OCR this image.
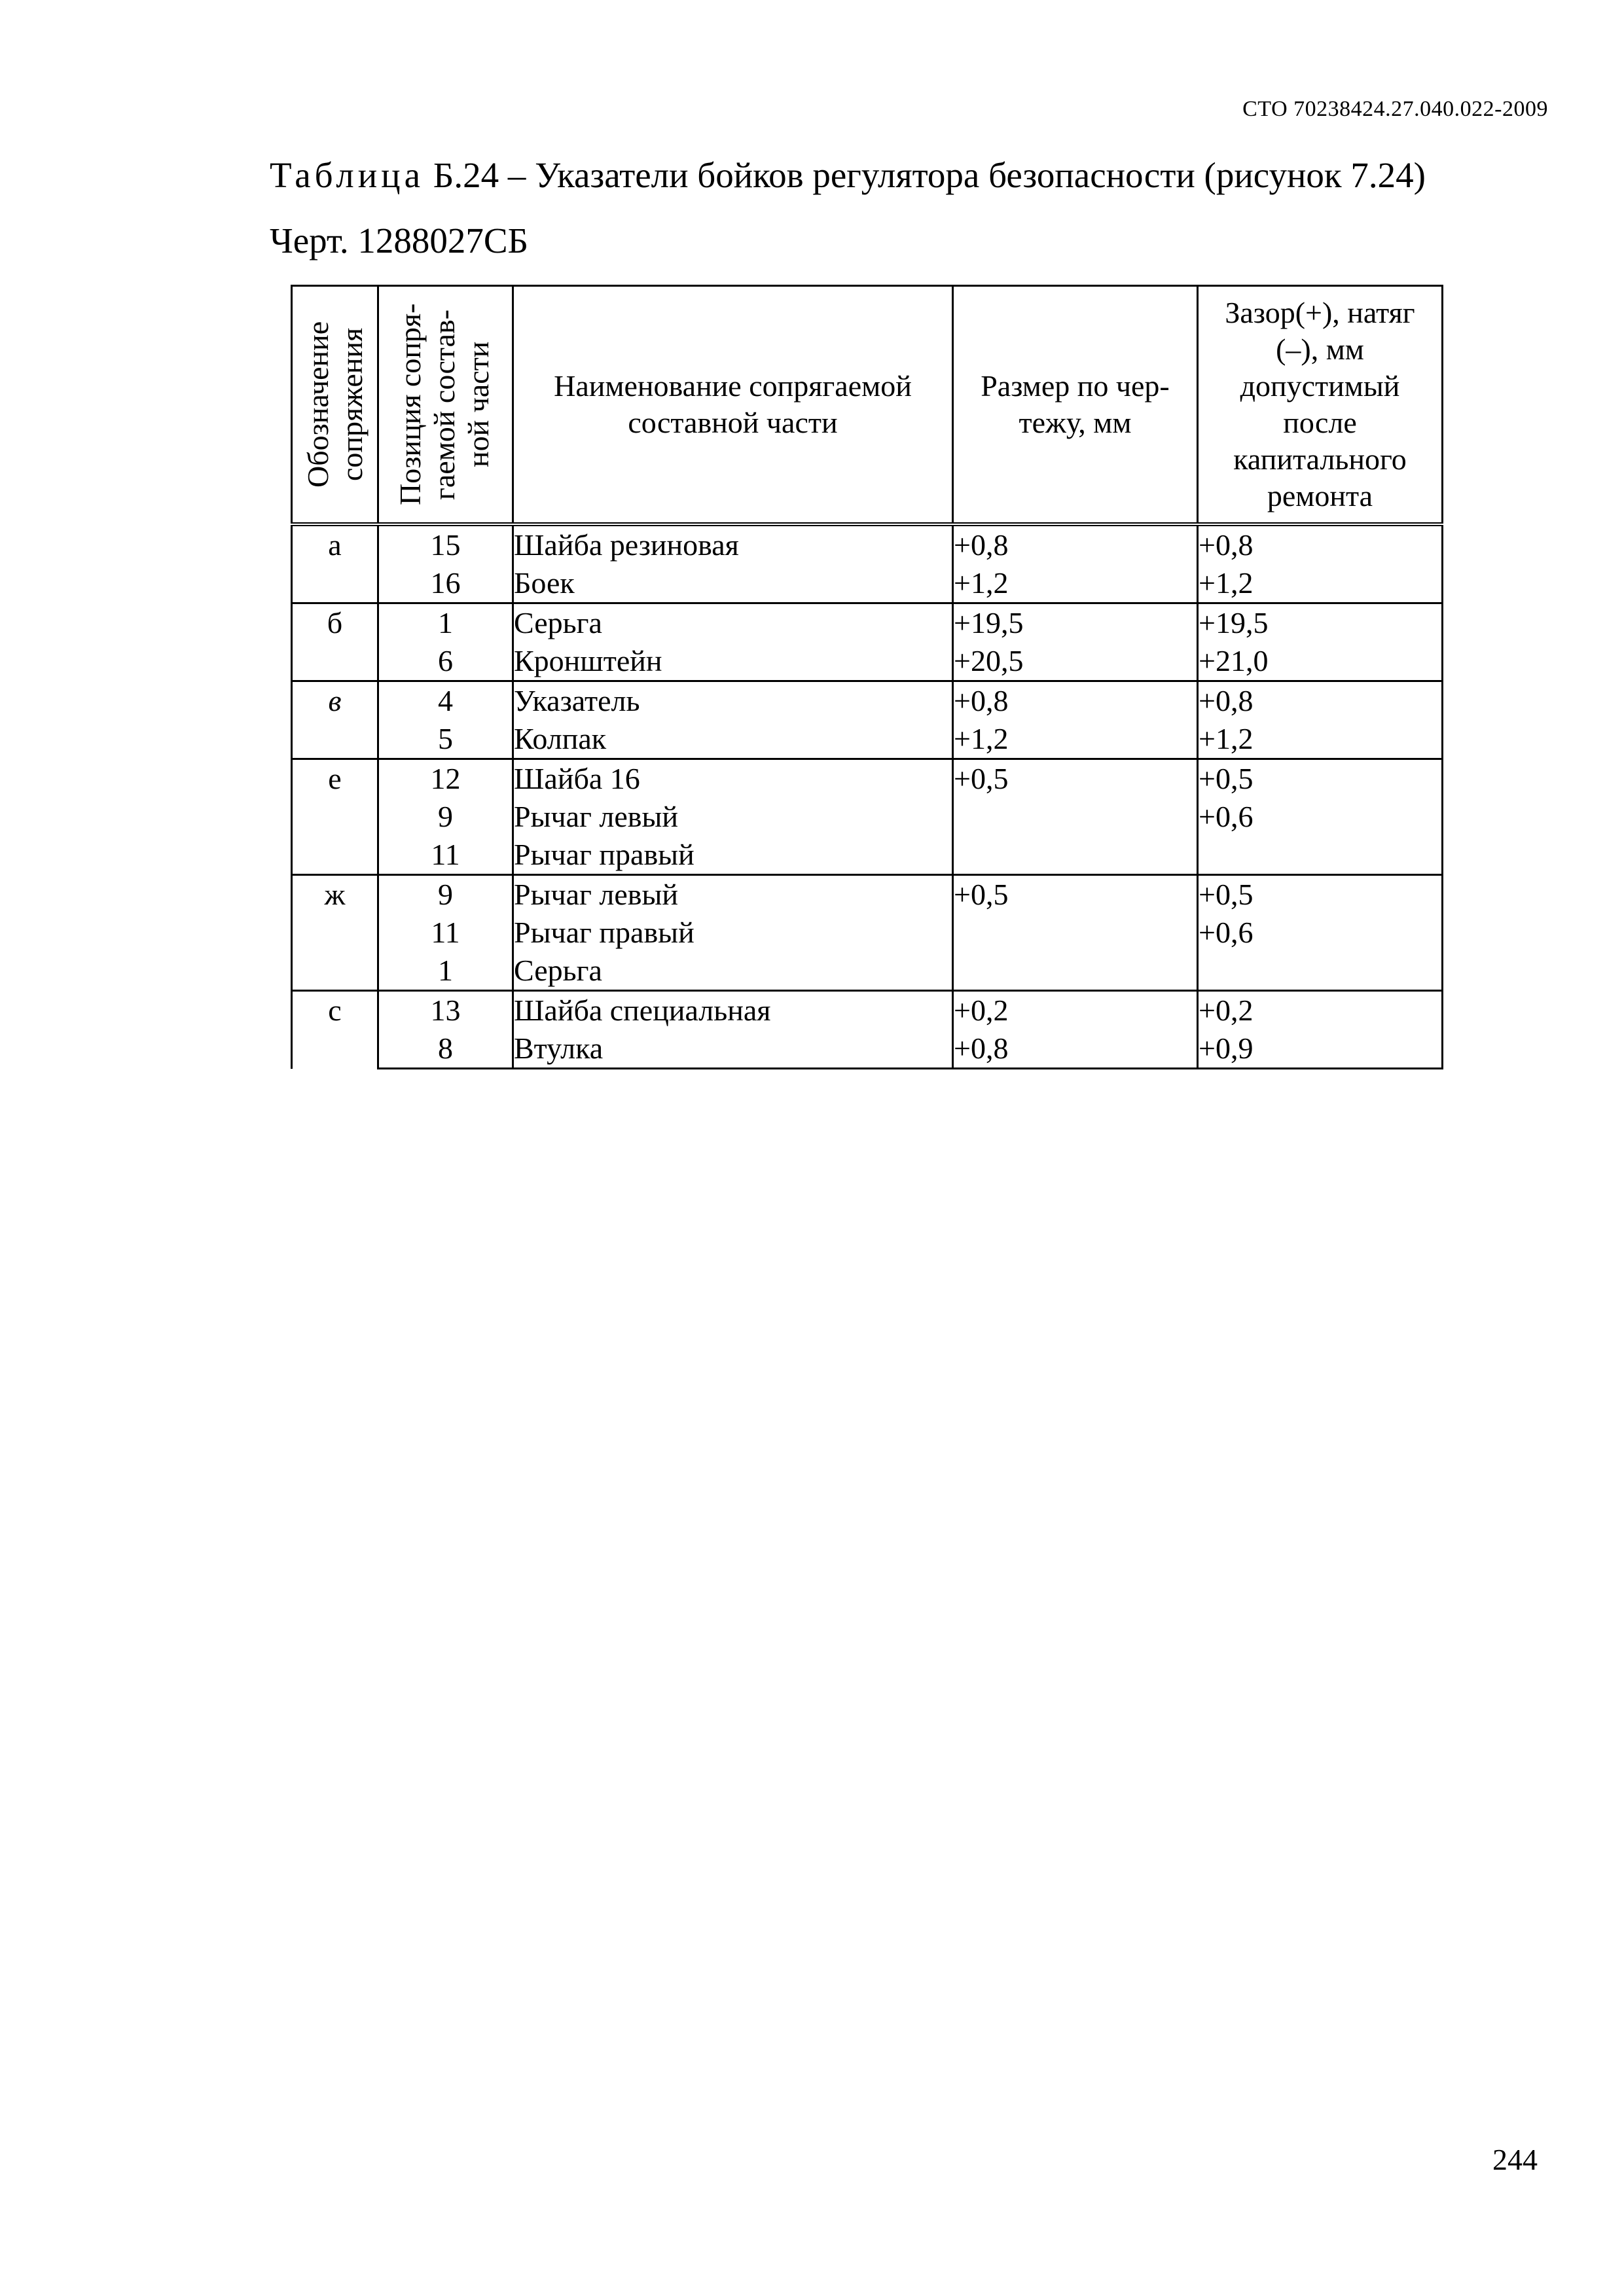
СТО 70238424.27.040.022-2009
Таблица Б.24 – Указатели бойков регулятора безопасности (рисунок 7.24)
Черт. 1288027СБ
Обозначение сопряжения	Позиция сопря-гаемой состав-ной части	Наименование сопрягаемой составной части	Размер по чер-тежу, мм	Зазор(+), натяг (–), мм допустимый после капитального ремонта
а	15	Шайба резиновая	+0,8	+0,8
	16	Боек	+1,2	+1,2
б	1	Серьга	+19,5	+19,5
	6	Кронштейн	+20,5	+21,0
в	4	Указатель	+0,8	+0,8
	5	Колпак	+1,2	+1,2
е	12	Шайба 16	+0,5	+0,5
	9	Рычаг левый		+0,6
	11	Рычаг правый		
ж	9	Рычаг левый	+0,5	+0,5
	11	Рычаг правый		+0,6
	1	Серьга		
с	13	Шайба специальная	+0,2	+0,2
	8	Втулка	+0,8	+0,9
244
